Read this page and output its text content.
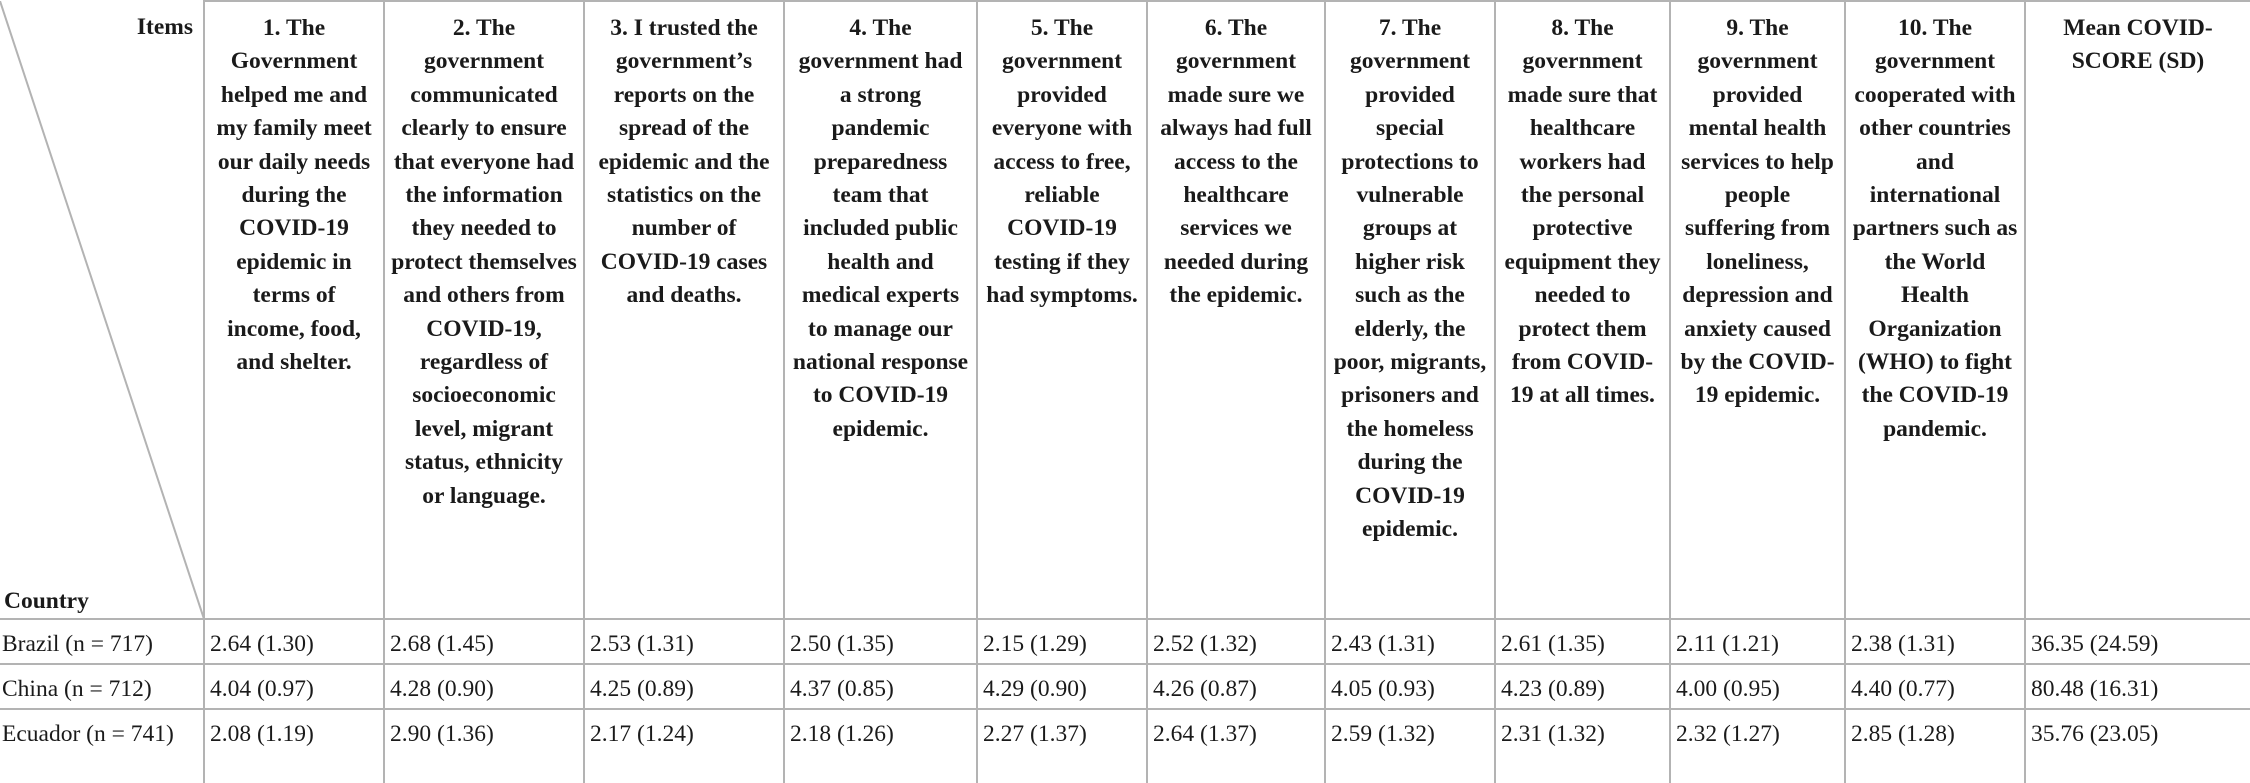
Items
Country	1. The Government helped me and my family meet our daily needs during the COVID-19 epidemic in terms of income, food, and shelter.	2. The government communicated clearly to ensure that everyone had the information they needed to protect themselves and others from COVID-19, regardless of socioeconomic level, migrant status, ethnicity or language.	3. I trusted the government’s reports on the spread of the epidemic and the statistics on the number of COVID-19 cases and deaths.	4. The government had a strong pandemic preparedness team that included public health and medical experts to manage our national response to COVID-19 epidemic.	5. The government provided everyone with access to free, reliable COVID-19 testing if they had symptoms.	6. The government made sure we always had full access to the healthcare services we needed during the epidemic.	7. The government provided special protections to vulnerable groups at higher risk such as the elderly, the poor, migrants, prisoners and the homeless during the COVID-19 epidemic.	8. The government made sure that healthcare workers had the personal protective equipment they needed to protect them from COVID-19 at all times.	9. The government provided mental health services to help people suffering from loneliness, depression and anxiety caused by the COVID-19 epidemic.	10. The government cooperated with other countries and international partners such as the World Health Organization (WHO) to fight the COVID-19 pandemic.	Mean COVID-SCORE (SD)
Brazil (n = 717)	2.64 (1.30)	2.68 (1.45)	2.53 (1.31)	2.50 (1.35)	2.15 (1.29)	2.52 (1.32)	2.43 (1.31)	2.61 (1.35)	2.11 (1.21)	2.38 (1.31)	36.35 (24.59)
China (n = 712)	4.04 (0.97)	4.28 (0.90)	4.25 (0.89)	4.37 (0.85)	4.29 (0.90)	4.26 (0.87)	4.05 (0.93)	4.23 (0.89)	4.00 (0.95)	4.40 (0.77)	80.48 (16.31)
Ecuador (n = 741)	2.08 (1.19)	2.90 (1.36)	2.17 (1.24)	2.18 (1.26)	2.27 (1.37)	2.64 (1.37)	2.59 (1.32)	2.31 (1.32)	2.32 (1.27)	2.85 (1.28)	35.76 (23.05)
